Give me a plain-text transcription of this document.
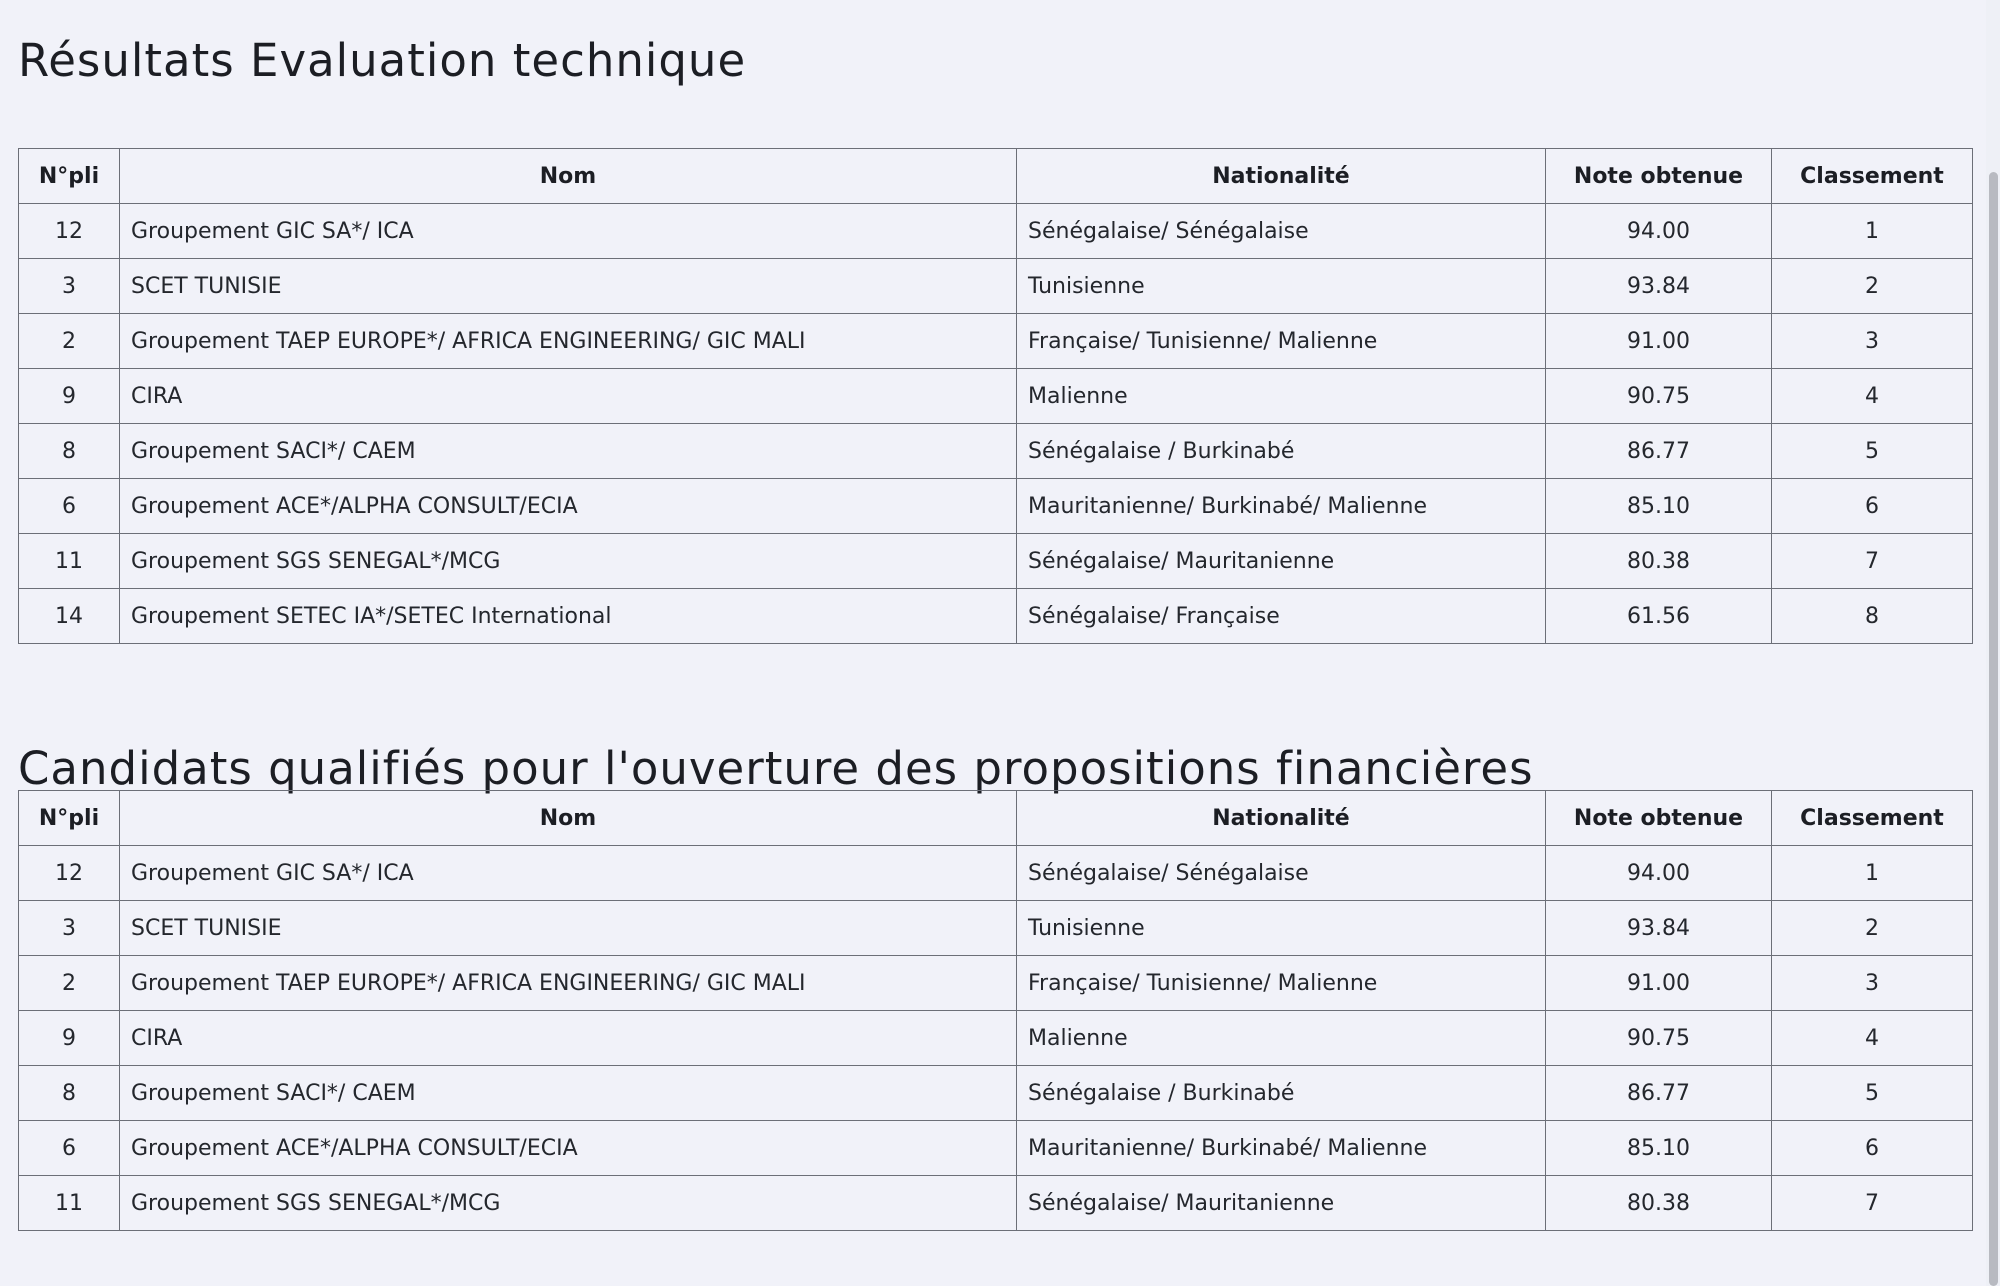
Résultats Evaluation technique
N°pli	Nom	Nationalité	Note obtenue	Classement
12	Groupement GIC SA*/ ICA	Sénégalaise/ Sénégalaise	94.00	1
3	SCET TUNISIE	Tunisienne	93.84	2
2	Groupement TAEP EUROPE*/ AFRICA ENGINEERING/ GIC MALI	Française/ Tunisienne/ Malienne	91.00	3
9	CIRA	Malienne	90.75	4
8	Groupement SACI*/ CAEM	Sénégalaise / Burkinabé	86.77	5
6	Groupement ACE*/ALPHA CONSULT/ECIA	Mauritanienne/ Burkinabé/ Malienne	85.10	6
11	Groupement SGS SENEGAL*/MCG	Sénégalaise/ Mauritanienne	80.38	7
14	Groupement SETEC IA*/SETEC International	Sénégalaise/ Française	61.56	8
Candidats qualifiés pour l'ouverture des propositions financières
N°pli	Nom	Nationalité	Note obtenue	Classement
12	Groupement GIC SA*/ ICA	Sénégalaise/ Sénégalaise	94.00	1
3	SCET TUNISIE	Tunisienne	93.84	2
2	Groupement TAEP EUROPE*/ AFRICA ENGINEERING/ GIC MALI	Française/ Tunisienne/ Malienne	91.00	3
9	CIRA	Malienne	90.75	4
8	Groupement SACI*/ CAEM	Sénégalaise / Burkinabé	86.77	5
6	Groupement ACE*/ALPHA CONSULT/ECIA	Mauritanienne/ Burkinabé/ Malienne	85.10	6
11	Groupement SGS SENEGAL*/MCG	Sénégalaise/ Mauritanienne	80.38	7
